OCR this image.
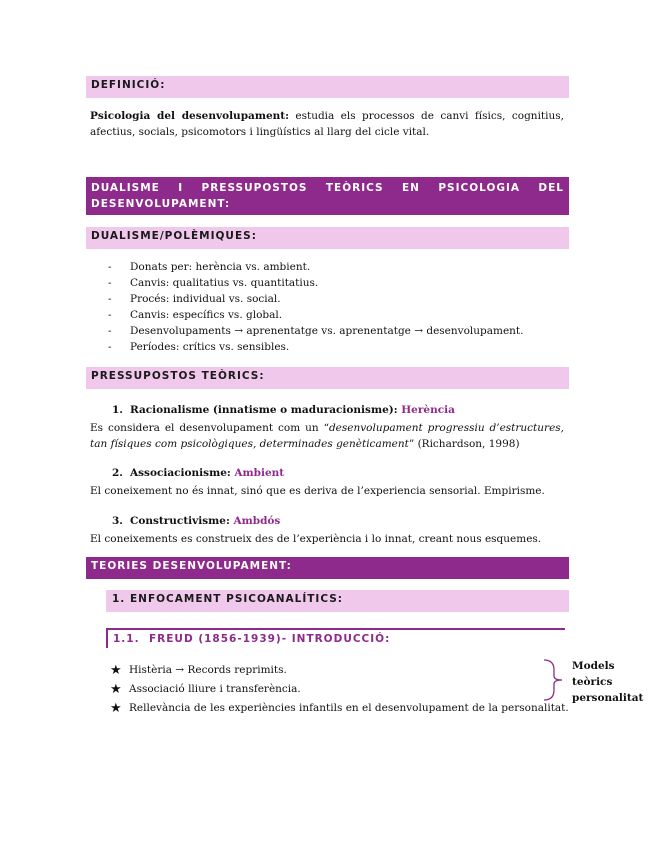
DEFINICIÓ:
Psicologia del desenvolupament: estudia els processos de canvi físics, cognitius, afectius, socials, psicomotors i lingüístics al llarg del cicle vital.
DUALISME I PRESSUPOSTOS TEÒRICS EN PSICOLOGIA DEL
DESENVOLUPAMENT:
DUALISME/POLÈMIQUES:
- Donats per: herència vs. ambient.
- Canvis: qualitatius vs. quantitatius.
- Procés: individual vs. social.
- Canvis: específics vs. global.
- Desenvolupaments → aprenentatge vs. aprenentatge → desenvolupament.
- Períodes: crítics vs. sensibles.
PRESSUPOSTOS TEÒRICS:
1. Racionalisme (innatisme o maduracionisme): Herència
Es considera el desenvolupament com un “desenvolupament progressiu d’estructures, tan físiques com psicològiques, determinades genèticament” (Richardson, 1998)
2. Associacionisme: Ambient
El coneixement no és innat, sinó que es deriva de l’experiencia sensorial. Empirisme.
3. Constructivisme: Ambdós
El coneixements es construeix des de l’experiència i lo innat, creant nous esquemes.
TEORIES DESENVOLUPAMENT:
1. ENFOCAMENT PSICOANALÍTICS:
1.1. FREUD (1856-1939)- INTRODUCCIÓ:
★ Histèria → Records reprimits.
★ Associació lliure i transferència.
★ Rellevància de les experiències infantils en el desenvolupament de la personalitat.
Models
teòrics
personalitat
